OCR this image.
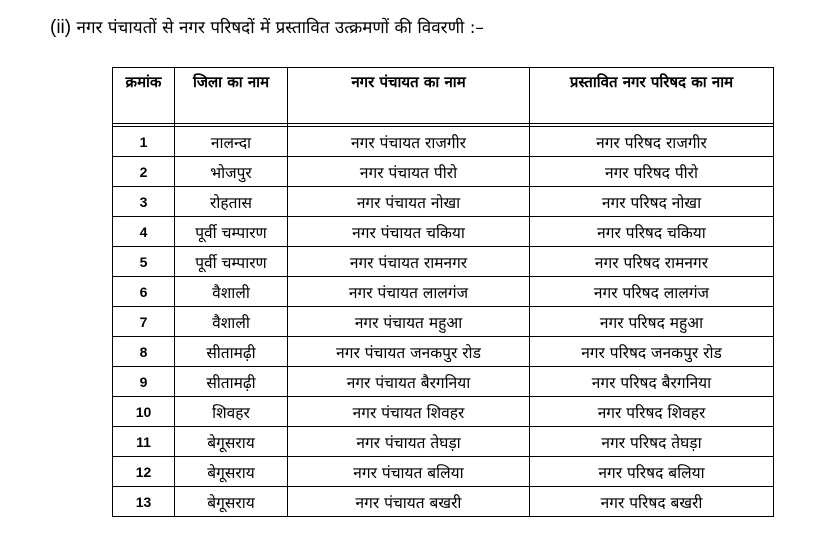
(ii) नगर पंचायतों से नगर परिषदों में प्रस्तावित उत्क्रमणों की विवरणी :–
क्रमांक	जिला का नाम	नगर पंचायत का नाम	प्रस्तावित नगर परिषद का नाम

1	नालन्दा	नगर पंचायत राजगीर	नगर परिषद राजगीर
2	भोजपुर	नगर पंचायत पीरो	नगर परिषद पीरो
3	रोहतास	नगर पंचायत नोखा	नगर परिषद नोखा
4	पूर्वी चम्पारण	नगर पंचायत चकिया	नगर परिषद चकिया
5	पूर्वी चम्पारण	नगर पंचायत रामनगर	नगर परिषद रामनगर
6	वैशाली	नगर पंचायत लालगंज	नगर परिषद लालगंज
7	वैशाली	नगर पंचायत महुआ	नगर परिषद महुआ
8	सीतामढ़ी	नगर पंचायत जनकपुर रोड	नगर परिषद जनकपुर रोड
9	सीतामढ़ी	नगर पंचायत बैरगनिया	नगर परिषद बैरगनिया
10	शिवहर	नगर पंचायत शिवहर	नगर परिषद शिवहर
11	बेगूसराय	नगर पंचायत तेघड़ा	नगर परिषद तेघड़ा
12	बेगूसराय	नगर पंचायत बलिया	नगर परिषद बलिया
13	बेगूसराय	नगर पंचायत बखरी	नगर परिषद बखरी
